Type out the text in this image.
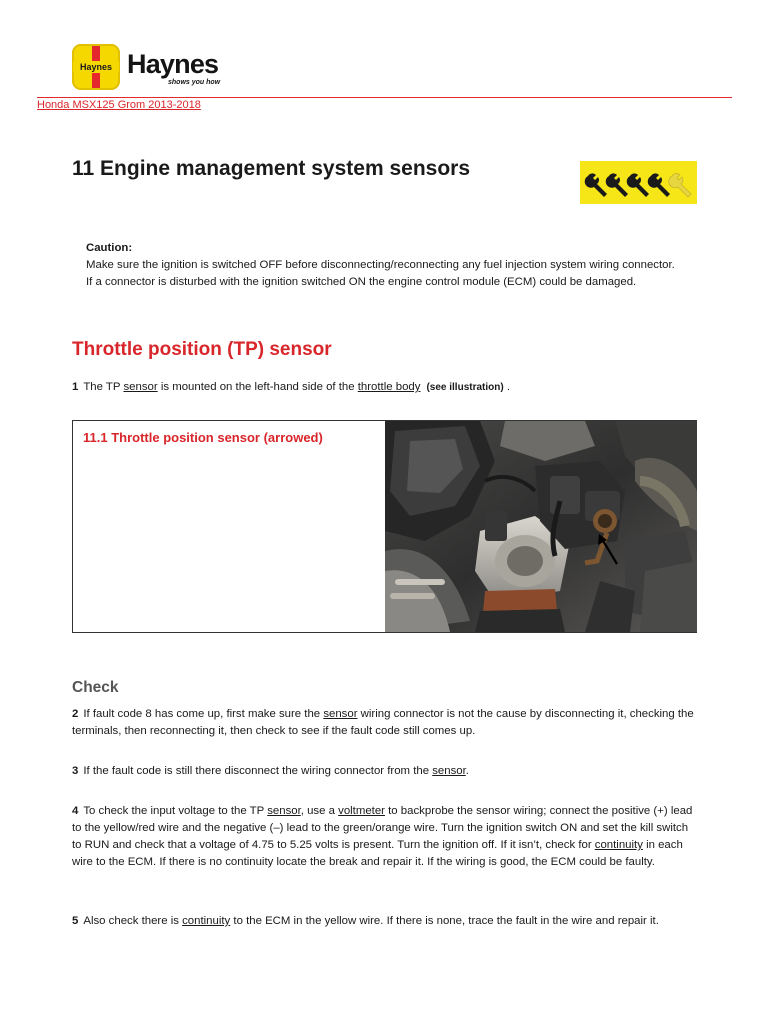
Haynes Haynes
shows you how
Honda MSX125 Grom 2013-2018
11 Engine management system sensors
Caution:
Make sure the ignition is switched OFF before disconnecting/reconnecting any fuel injection system wiring connector. If a connector is disturbed with the ignition switched ON the engine control module (ECM) could be damaged.
Throttle position (TP) sensor

1 The TP sensor is mounted on the left-hand side of the throttle body (see illustration) .

11.1 Throttle position sensor (arrowed)
Check

2 If fault code 8 has come up, first make sure the sensor wiring connector is not the cause by disconnecting it, checking the terminals, then reconnecting it, then check to see if the fault code still comes up.

3 If the fault code is still there disconnect the wiring connector from the sensor.

4 To check the input voltage to the TP sensor, use a voltmeter to backprobe the sensor wiring; connect the positive (+) lead to the yellow/red wire and the negative (–) lead to the green/orange wire. Turn the ignition switch ON and set the kill switch to RUN and check that a voltage of 4.75 to 5.25 volts is present. Turn the ignition off. If it isn’t, check for continuity in each wire to the ECM. If there is no continuity locate the break and repair it. If the wiring is good, the ECM could be faulty.

5 Also check there is continuity to the ECM in the yellow wire. If there is none, trace the fault in the wire and repair it.
